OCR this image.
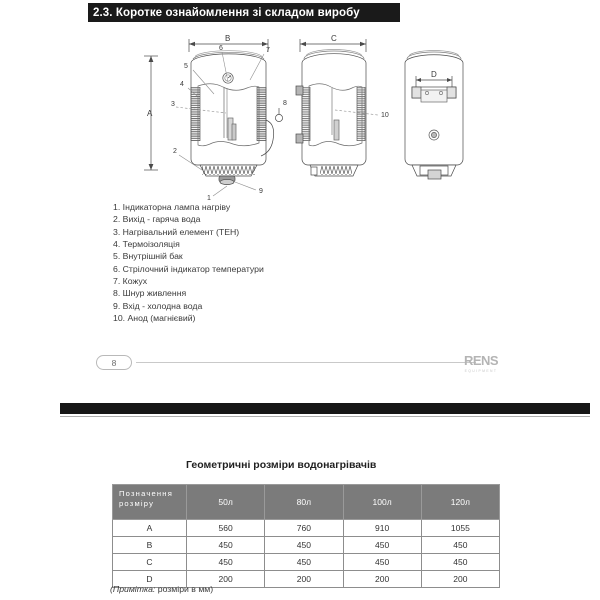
2.3. Коротке ознайомлення зі складом виробу
A
B
5
4
3
2
6	7
8
1
9
C
10
D
1. Індикаторна лампа нагріву
2. Вихід - гаряча вода
3. Нагрівальний елемент (ТЕН)
4. Термоізоляція
5. Внутрішній бак
6. Стрілочний індикатор температури
7. Кожух
8. Шнур живлення
9. Вхід - холодна вода
10. Анод (магнієвий)
8	RENS
EQUIPMENT
Геометричні розміри водонагрівачів
Позначення розміру	50л	80л	100л	120л
A	560	760	910	1055
B	450	450	450	450
C	450	450	450	450
D	200	200	200	200
(Примітка: розміри в мм)
